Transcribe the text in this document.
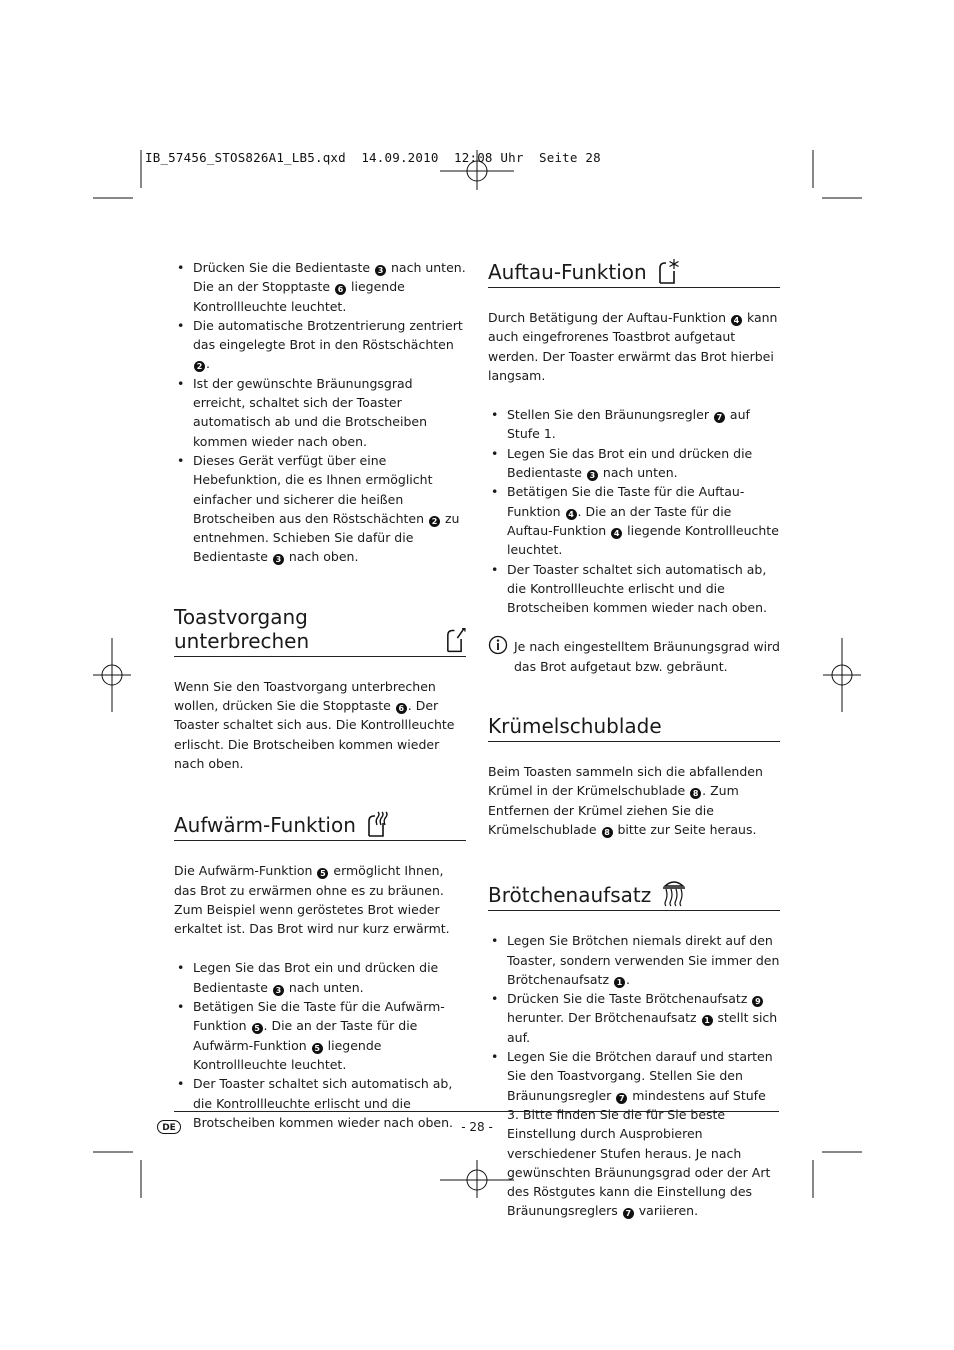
IB_57456_STOS826A1_LB5.qxd  14.09.2010  12:08 Uhr  Seite 28
• Drücken Sie die Bedientaste 3 nach unten. Die an der Stopptaste 6 liegende Kontrollleuchte leuchtet.
• Die automatische Brotzentrierung zentriert das eingelegte Brot in den Röstschächten 2 .
• Ist der gewünschte Bräunungsgrad erreicht, schaltet sich der Toaster automatisch ab und die Brotscheiben kommen wieder nach oben.
• Dieses Gerät verfügt über eine Hebefunktion, die es Ihnen ermöglicht einfacher und sicherer die heißen Brotscheiben aus den Röstschächten 2 zu entnehmen. Schieben Sie dafür die Bedientaste 3 nach oben.
Toastvorgang unterbrechen

Wenn Sie den Toastvorgang unterbrechen wollen, drücken Sie die Stopptaste 6 . Der Toaster schaltet sich aus. Die Kontrollleuchte erlischt. Die Brotscheiben kommen wieder nach oben.

Aufwärm-Funktion

Die Aufwärm-Funktion 5 ermöglicht Ihnen, das Brot zu erwärmen ohne es zu bräunen. Zum Beispiel wenn geröstetes Brot wieder erkaltet ist. Das Brot wird nur kurz erwärmt.

• Legen Sie das Brot ein und drücken die Bedientaste 3 nach unten.
• Betätigen Sie die Taste für die Aufwärm-Funktion 5 . Die an der Taste für die Aufwärm-Funktion 5 liegende Kontrollleuchte leuchtet.
• Der Toaster schaltet sich automatisch ab, die Kontrollleuchte erlischt und die Brotscheiben kommen wieder nach oben.
Auftau-Funktion

Durch Betätigung der Auftau-Funktion 4 kann auch eingefrorenes Toastbrot aufgetaut werden. Der Toaster erwärmt das Brot hierbei langsam.

• Stellen Sie den Bräunungsregler 7 auf Stufe 1.
• Legen Sie das Brot ein und drücken die Bedientaste 3 nach unten.
• Betätigen Sie die Taste für die Auftau-Funktion 4 . Die an der Taste für die Auftau-Funktion 4 liegende Kontrollleuchte leuchtet.
• Der Toaster schaltet sich automatisch ab, die Kontrollleuchte erlischt und die Brotscheiben kommen wieder nach oben.
Je nach eingestelltem Bräunungsgrad wird das Brot aufgetaut bzw. gebräunt.
Krümelschublade

Beim Toasten sammeln sich die abfallenden Krümel in der Krümelschublade 8 . Zum Entfernen der Krümel ziehen Sie die Krümelschublade 8 bitte zur Seite heraus.

Brötchenaufsatz
• Legen Sie Brötchen niemals direkt auf den Toaster, sondern verwenden Sie immer den Brötchenaufsatz 1 .
• Drücken Sie die Taste Brötchenaufsatz 9 herunter. Der Brötchenaufsatz 1 stellt sich auf.
• Legen Sie die Brötchen darauf und starten Sie den Toastvorgang. Stellen Sie den Bräunungsregler 7 mindestens auf Stufe 3. Bitte finden Sie die für Sie beste Einstellung durch Ausprobieren verschiedener Stufen heraus. Je nach gewünschten Bräunungsgrad oder der Art des Röstgutes kann die Einstellung des Bräunungsreglers 7 variieren.
DE	- 28 -
